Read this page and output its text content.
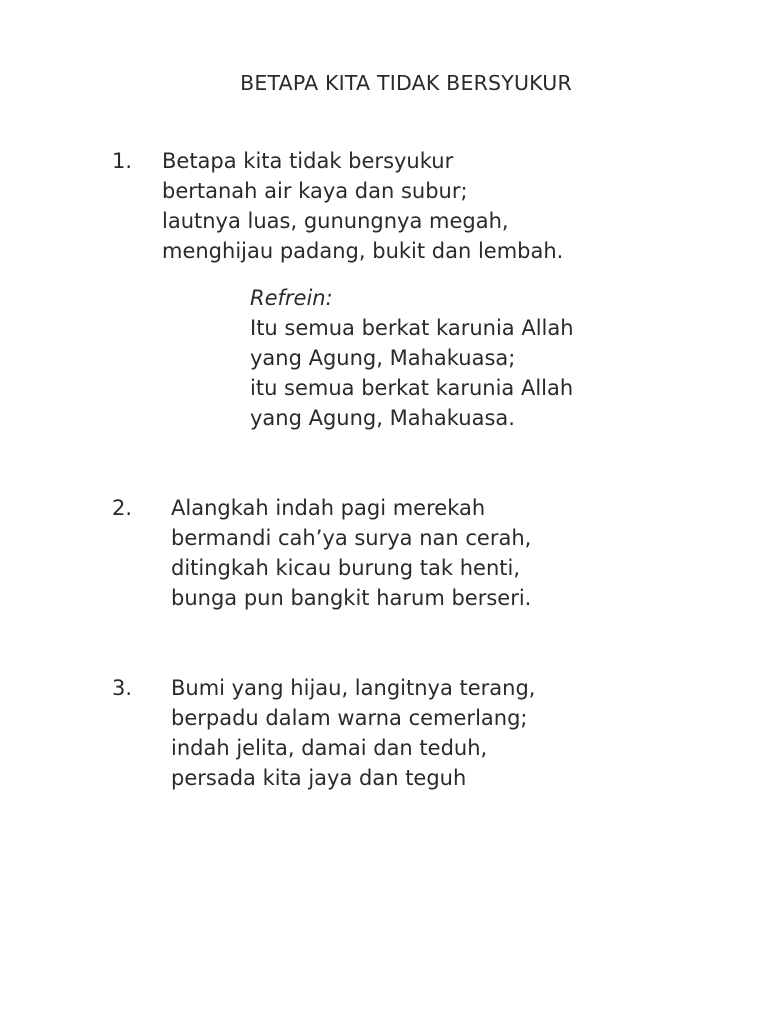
BETAPA KITA TIDAK BERSYUKUR
1. Betapa kita tidak bersyukur
bertanah air kaya dan subur;
lautnya luas, gunungnya megah,
menghijau padang, bukit dan lembah.
Refrein:
Itu semua berkat karunia Allah
yang Agung, Mahakuasa;
itu semua berkat karunia Allah
yang Agung, Mahakuasa.
2. Alangkah indah pagi merekah
bermandi cah’ya surya nan cerah,
ditingkah kicau burung tak henti,
bunga pun bangkit harum berseri.
3. Bumi yang hijau, langitnya terang,
berpadu dalam warna cemerlang;
indah jelita, damai dan teduh,
persada kita jaya dan teguh
